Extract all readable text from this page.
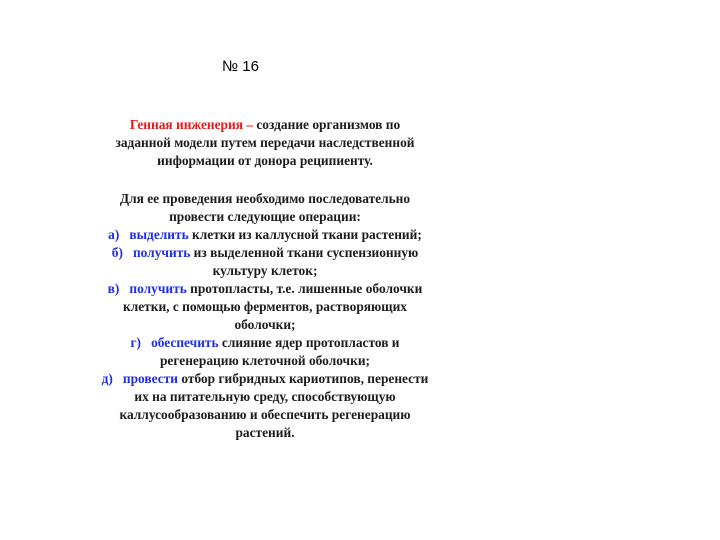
№ 16

Генная инженерия – создание организмов по

заданной модели путем передачи наследственной

информации от донора реципиенту.

Для ее проведения необходимо последовательно

провести следующие операции:

а) выделить клетки из каллусной ткани растений;

б) получить из выделенной ткани суспензионную

культуру клеток;

в) получить протопласты, т.е. лишенные оболочки

клетки, с помощью ферментов, растворяющих

оболочки;

г) обеспечить слияние ядер протопластов и

регенерацию клеточной оболочки;

д) провести отбор гибридных кариотипов, перенести

их на питательную среду, способствующую

каллусообразованию и обеспечить регенерацию

растений.
